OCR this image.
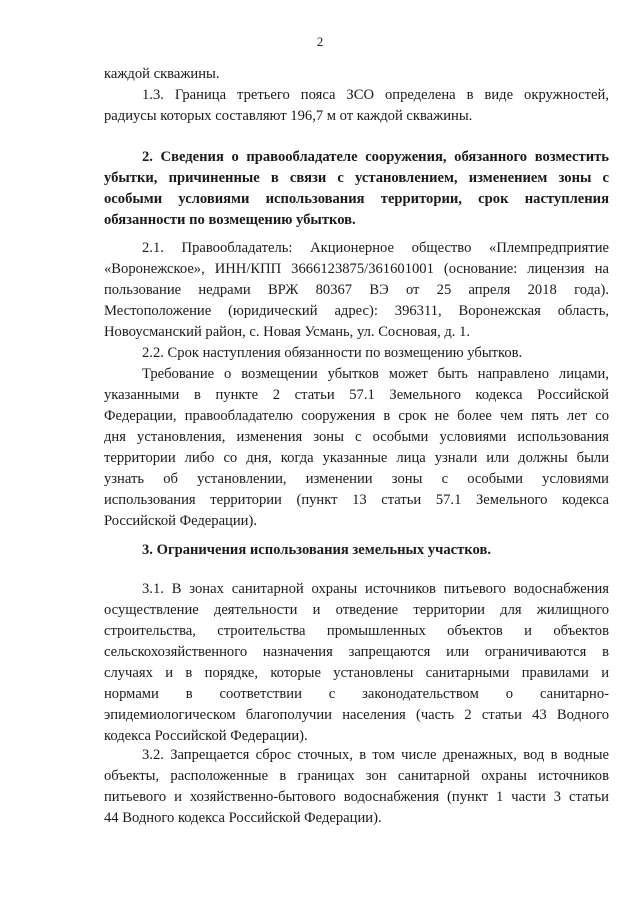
2
каждой скважины.
1.3. Граница третьего пояса ЗСО определена в виде окружностей,
радиусы которых составляют 196,7 м от каждой скважины.
2. Сведения о правообладателе сооружения, обязанного возместить
убытки, причиненные в связи с установлением, изменением зоны с
особыми условиями использования территории, срок наступления
обязанности по возмещению убытков.
2.1. Правообладатель: Акционерное общество «Племпредприятие
«Воронежское», ИНН/КПП 3666123875/361601001 (основание: лицензия на
пользование недрами ВРЖ 80367 ВЭ от 25 апреля 2018 года).
Местоположение (юридический адрес): 396311, Воронежская область,
Новоусманский район, с. Новая Усмань, ул. Сосновая, д. 1.
2.2. Срок наступления обязанности по возмещению убытков.
Требование о возмещении убытков может быть направлено лицами,
указанными в пункте 2 статьи 57.1 Земельного кодекса Российской
Федерации, правообладателю сооружения в срок не более чем пять лет со
дня установления, изменения зоны с особыми условиями использования
территории либо со дня, когда указанные лица узнали или должны были
узнать об установлении, изменении зоны с особыми условиями
использования территории (пункт 13 статьи 57.1 Земельного кодекса
Российской Федерации).
3. Ограничения использования земельных участков.
3.1. В зонах санитарной охраны источников питьевого водоснабжения
осуществление деятельности и отведение территории для жилищного
строительства, строительства промышленных объектов и объектов
сельскохозяйственного назначения запрещаются или ограничиваются в
случаях и в порядке, которые установлены санитарными правилами и
нормами в соответствии с законодательством о санитарно-
эпидемиологическом благополучии населения (часть 2 статьи 43 Водного
кодекса Российской Федерации).
3.2. Запрещается сброс сточных, в том числе дренажных, вод в водные
объекты, расположенные в границах зон санитарной охраны источников
питьевого и хозяйственно-бытового водоснабжения (пункт 1 части 3 статьи
44 Водного кодекса Российской Федерации).
